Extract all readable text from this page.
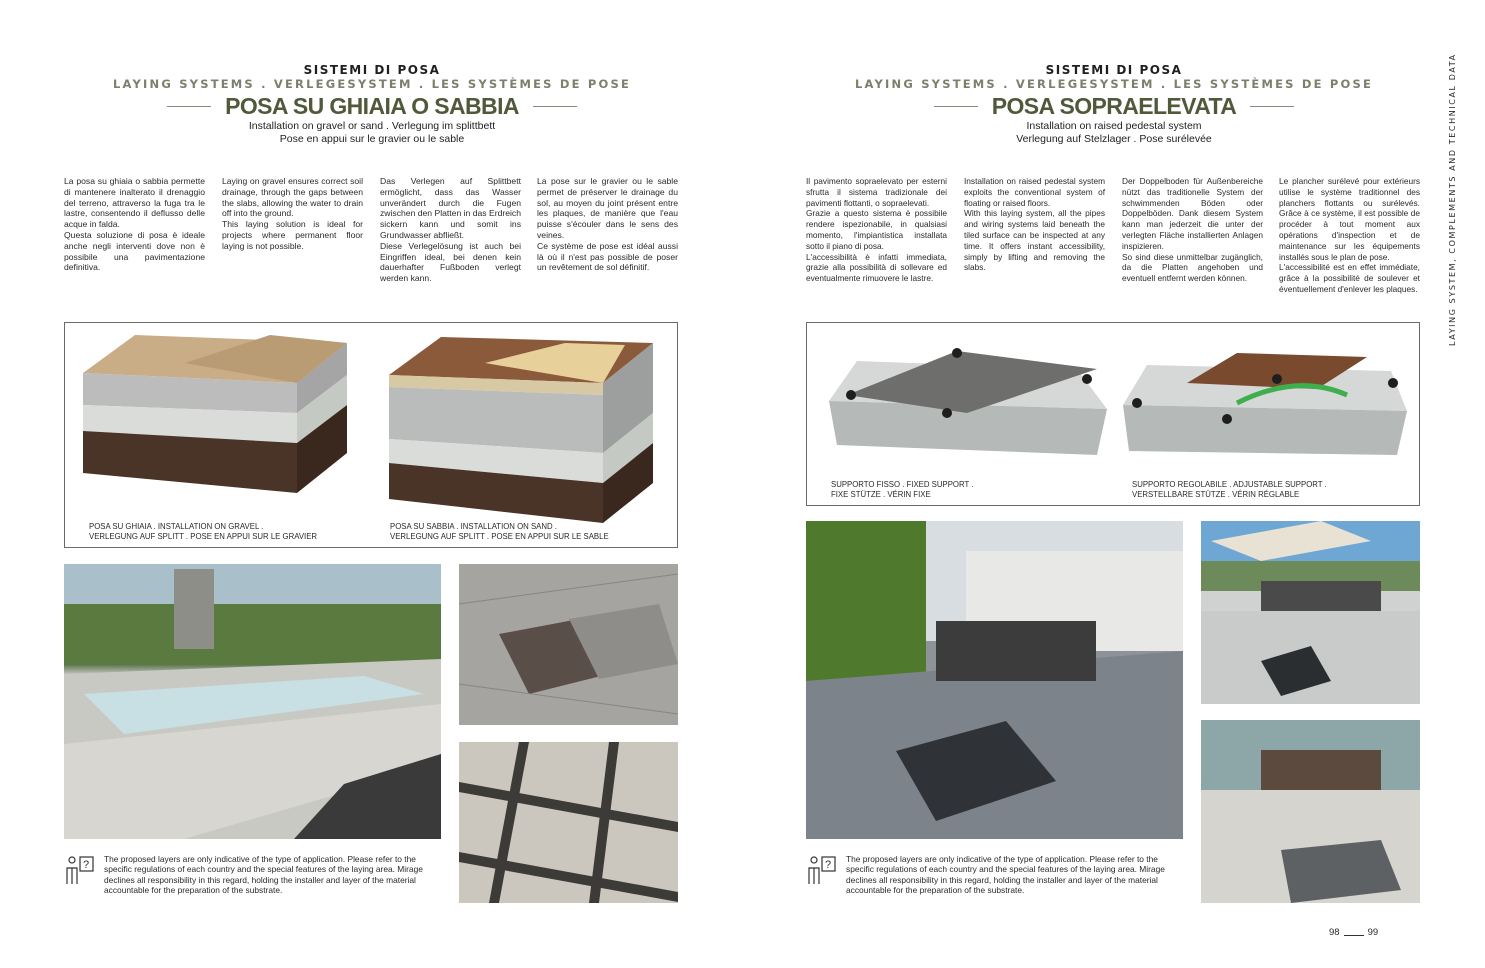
SISTEMI DI POSA
LAYING SYSTEMS . VERLEGESYSTEM . LES SYSTÈMES DE POSE
POSA SU GHIAIA O SABBIA
Installation on gravel or sand . Verlegung im splittbett
Pose en appui sur le gravier ou le sable
La posa su ghiaia o sabbia permette di mantenere inalterato il drenaggio del terreno, attraverso la fuga tra le lastre, consentendo il deflusso delle acque in falda.
Questa soluzione di posa è ideale anche negli interventi dove non è possibile una pavimentazione definitiva.
Laying on gravel ensures correct soil drainage, through the gaps between the slabs, allowing the water to drain off into the ground.
This laying solution is ideal for projects where permanent floor laying is not possible.
Das Verlegen auf Splittbett ermöglicht, dass das Wasser unverändert durch die Fugen zwischen den Platten in das Erdreich sickern kann und somit ins Grundwasser abfließt.
Diese Verlegelösung ist auch bei Eingriffen ideal, bei denen kein dauerhafter Fußboden verlegt werden kann.
La pose sur le gravier ou le sable permet de préserver le drainage du sol, au moyen du joint présent entre les plaques, de manière que l'eau puisse s'écouler dans le sens des veines.
Ce système de pose est idéal aussi là où il n'est pas possible de poser un revêtement de sol définitif.
POSA SU GHIAIA . INSTALLATION ON GRAVEL .
VERLEGUNG AUF SPLITT . POSE EN APPUI SUR LE GRAVIER
POSA SU SABBIA . INSTALLATION ON SAND .
VERLEGUNG AUF SPLITT . POSE EN APPUI SUR LE SABLE
? The proposed layers are only indicative of the type of application. Please refer to the specific regulations of each country and the special features of the laying area. Mirage declines all responsibility in this regard, holding the installer and layer of the material accountable for the preparation of the substrate.
SISTEMI DI POSA
LAYING SYSTEMS . VERLEGESYSTEM . LES SYSTÈMES DE POSE
POSA SOPRAELEVATA
Installation on raised pedestal system
Verlegung auf Stelzlager . Pose surélevée
Il pavimento sopraelevato per esterni sfrutta il sistema tradizionale dei pavimenti flottanti, o sopraelevati.
Grazie a questo sistema è possibile rendere ispezionabile, in qualsiasi momento, l'impiantistica installata sotto il piano di posa.
L'accessibilità è infatti immediata, grazie alla possibilità di sollevare ed eventualmente rimuovere le lastre.
Installation on raised pedestal system exploits the conventional system of floating or raised floors.
With this laying system, all the pipes and wiring systems laid beneath the tiled surface can be inspected at any time. It offers instant accessibility, simply by lifting and removing the slabs.
Der Doppelboden für Außenbereiche nützt das traditionelle System der schwimmenden Böden oder Doppelböden. Dank diesem System kann man jederzeit die unter der verlegten Fläche installierten Anlagen inspizieren.
So sind diese unmittelbar zugänglich, da die Platten angehoben und eventuell entfernt werden können.
Le plancher surélevé pour extérieurs utilise le système traditionnel des planchers flottants ou surélevés. Grâce à ce système, il est possible de procéder à tout moment aux opérations d'inspection et de maintenance sur les équipements installés sous le plan de pose.
L'accessibilité est en effet immédiate, grâce à la possibilité de soulever et éventuellement d'enlever les plaques.
SUPPORTO FISSO . FIXED SUPPORT .
FIXE STÜTZE . VÉRIN FIXE
SUPPORTO REGOLABILE . ADJUSTABLE SUPPORT .
VERSTELLBARE STÜTZE . VÉRIN RÉGLABLE
? The proposed layers are only indicative of the type of application. Please refer to the specific regulations of each country and the special features of the laying area. Mirage declines all responsibility in this regard, holding the installer and layer of the material accountable for the preparation of the substrate.
LAYING SYSTEM, COMPLEMENTS AND TECHNICAL DATA
98	99
